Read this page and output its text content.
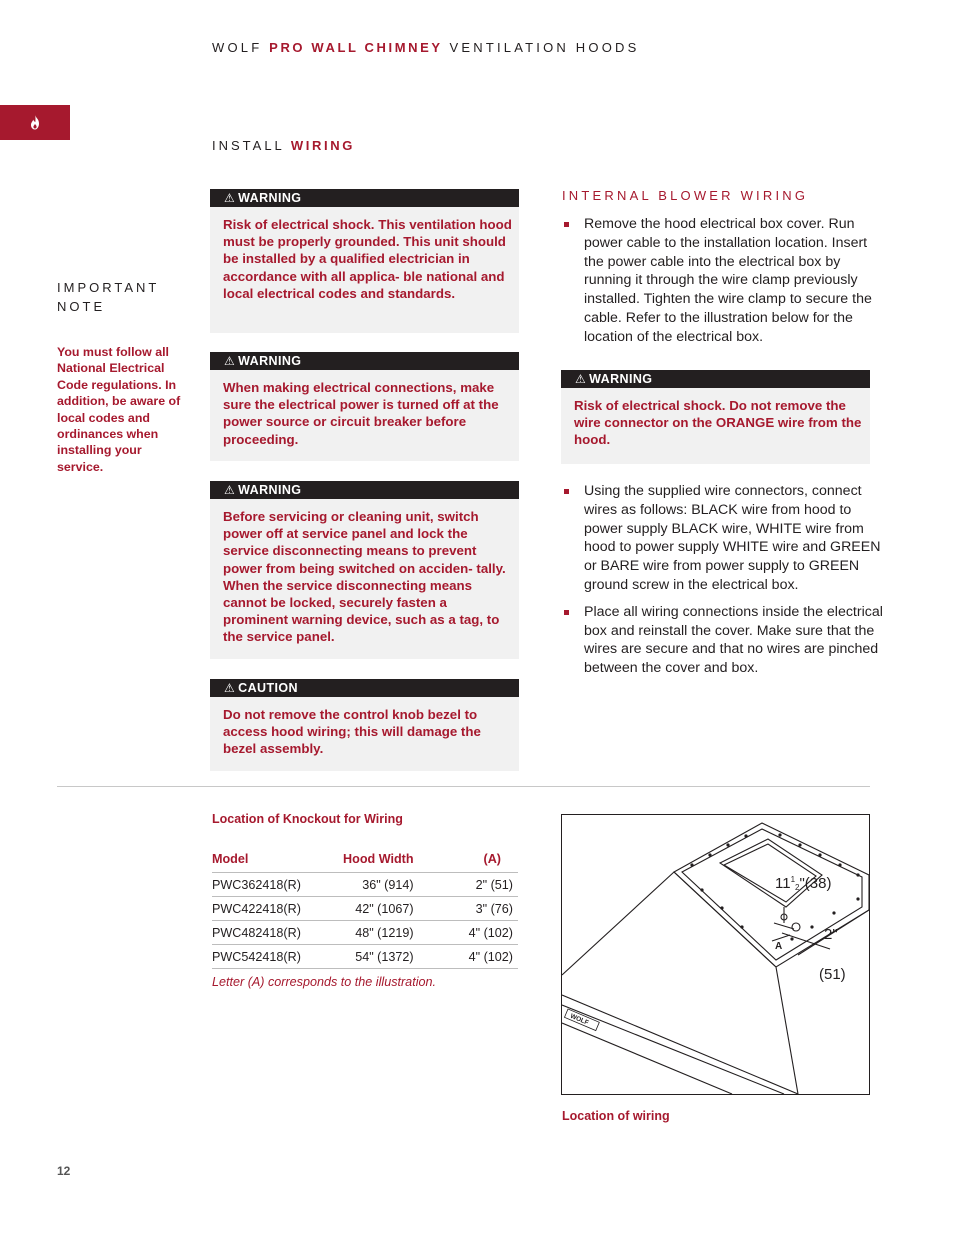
WOLF PRO WALL CHIMNEY VENTILATION HOODS
INSTALL WIRING
IMPORTANT
NOTE
You must follow all National Electrical Code regulations. In addition, be aware of local codes and ordinances when installing your service.
⚠ WARNING
Risk of electrical shock. This ventilation hood must be properly grounded. This unit should be installed by a qualified electrician in accordance with all applica- ble national and local electrical codes and standards.
⚠ WARNING
When making electrical connections, make sure the electrical power is turned off at the power source or circuit breaker before proceeding.
⚠ WARNING
Before servicing or cleaning unit, switch power off at service panel and lock the service disconnecting means to prevent power from being switched on acciden- tally. When the service disconnecting means cannot be locked, securely fasten a prominent warning device, such as a tag, to the service panel.
⚠ CAUTION
Do not remove the control knob bezel to access hood wiring; this will damage the bezel assembly.
INTERNAL BLOWER WIRING
Remove the hood electrical box cover. Run power cable to the installation location. Insert the power cable into the electrical box by running it through the wire clamp previously installed. Tighten the wire clamp to secure the cable. Refer to the illustration below for the location of the electrical box.
⚠ WARNING
Risk of electrical shock. Do not remove the wire connector on the ORANGE wire from the hood.
Using the supplied wire connectors, connect wires as follows: BLACK wire from hood to power supply BLACK wire, WHITE wire from hood to power supply WHITE wire and GREEN or BARE wire from power supply to GREEN ground screw in the electrical box.
Place all wiring connections inside the electrical box and reinstall the cover. Make sure that the wires are secure and that no wires are pinched between the cover and box.
Location of Knockout for Wiring
Model	Hood Width	(A)
PWC362418(R)	36" (914)	2" (51)
PWC422418(R)	42" (1067)	3" (76)
PWC482418(R)	48" (1219)	4" (102)
PWC542418(R)	54" (1372)	4" (102)
Letter (A) corresponds to the illustration.
$11^1_2"(38)$
2"
(51)
A
WOLF
Location of wiring
12
